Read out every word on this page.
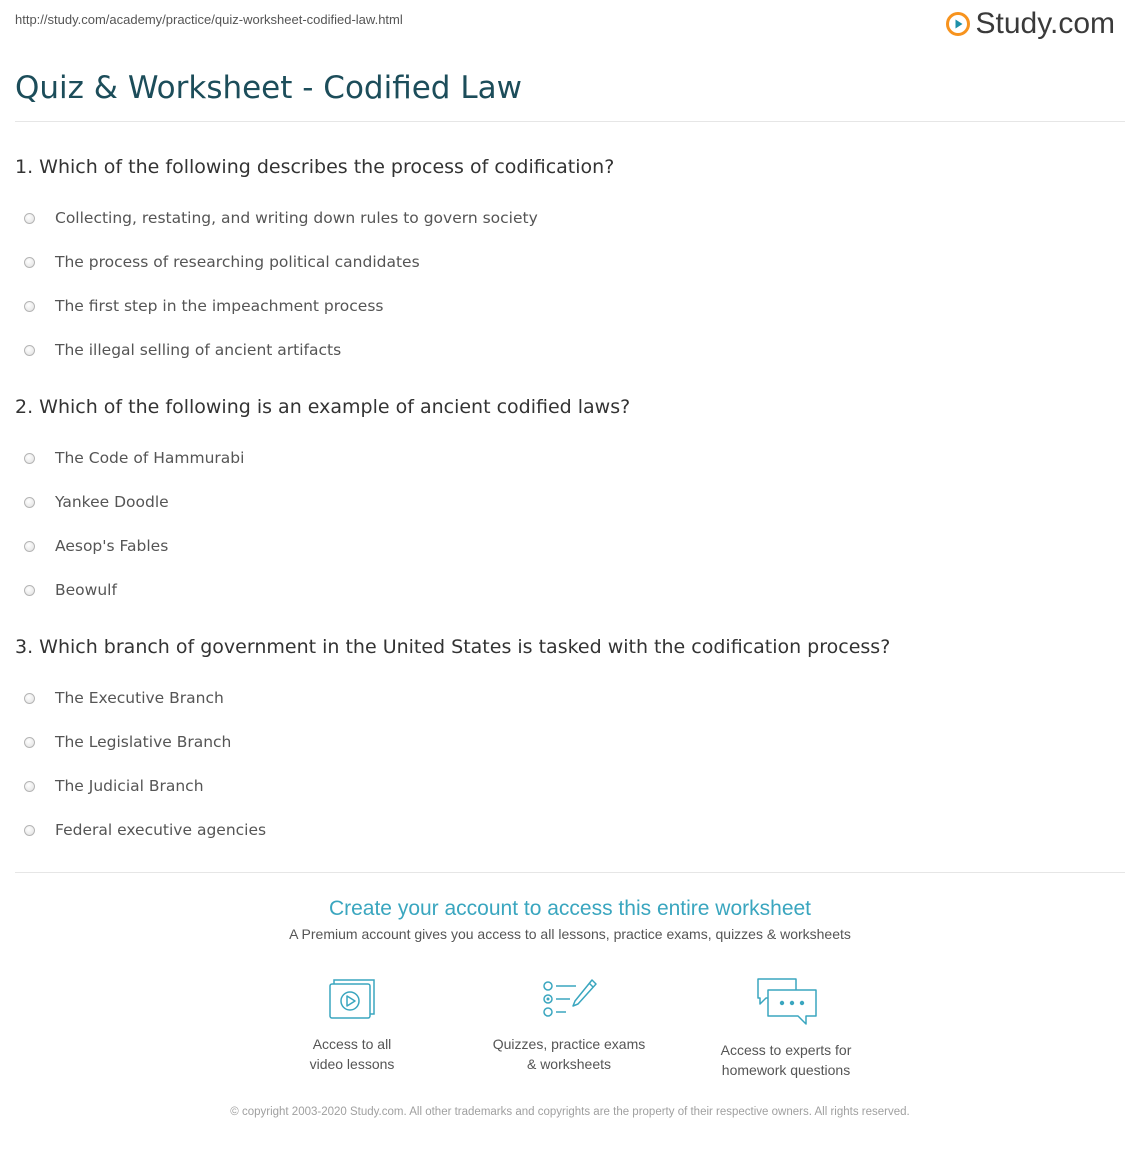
http://study.com/academy/practice/quiz-worksheet-codified-law.html	Study.com
Quiz & Worksheet - Codified Law
1. Which of the following describes the process of codification?
Collecting, restating, and writing down rules to govern society
The process of researching political candidates
The first step in the impeachment process
The illegal selling of ancient artifacts
2. Which of the following is an example of ancient codified laws?
The Code of Hammurabi
Yankee Doodle
Aesop's Fables
Beowulf
3. Which branch of government in the United States is tasked with the codification process?
The Executive Branch
The Legislative Branch
The Judicial Branch
Federal executive agencies
Create your account to access this entire worksheet
A Premium account gives you access to all lessons, practice exams, quizzes & worksheets
Access to all
video lessons
Quizzes, practice exams
& worksheets
Access to experts for
homework questions
© copyright 2003-2020 Study.com. All other trademarks and copyrights are the property of their respective owners. All rights reserved.
